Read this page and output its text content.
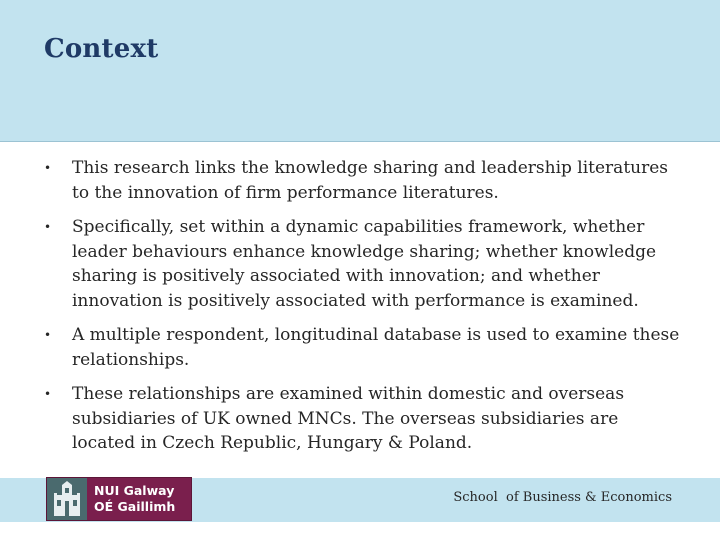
Context
• This research links the knowledge sharing and leadership literatures to the innovation of firm performance literatures.
• Specifically, set within a dynamic capabilities framework, whether leader behaviours enhance knowledge sharing; whether knowledge sharing is positively associated with innovation; and whether innovation is positively associated with performance is examined.
• A multiple respondent, longitudinal database is used to examine these relationships.
• These relationships are examined within domestic and overseas subsidiaries of UK owned MNCs. The overseas subsidiaries are located in Czech Republic, Hungary & Poland.
NUI Galway
OÉ Gaillimh
School  of Business & Economics
